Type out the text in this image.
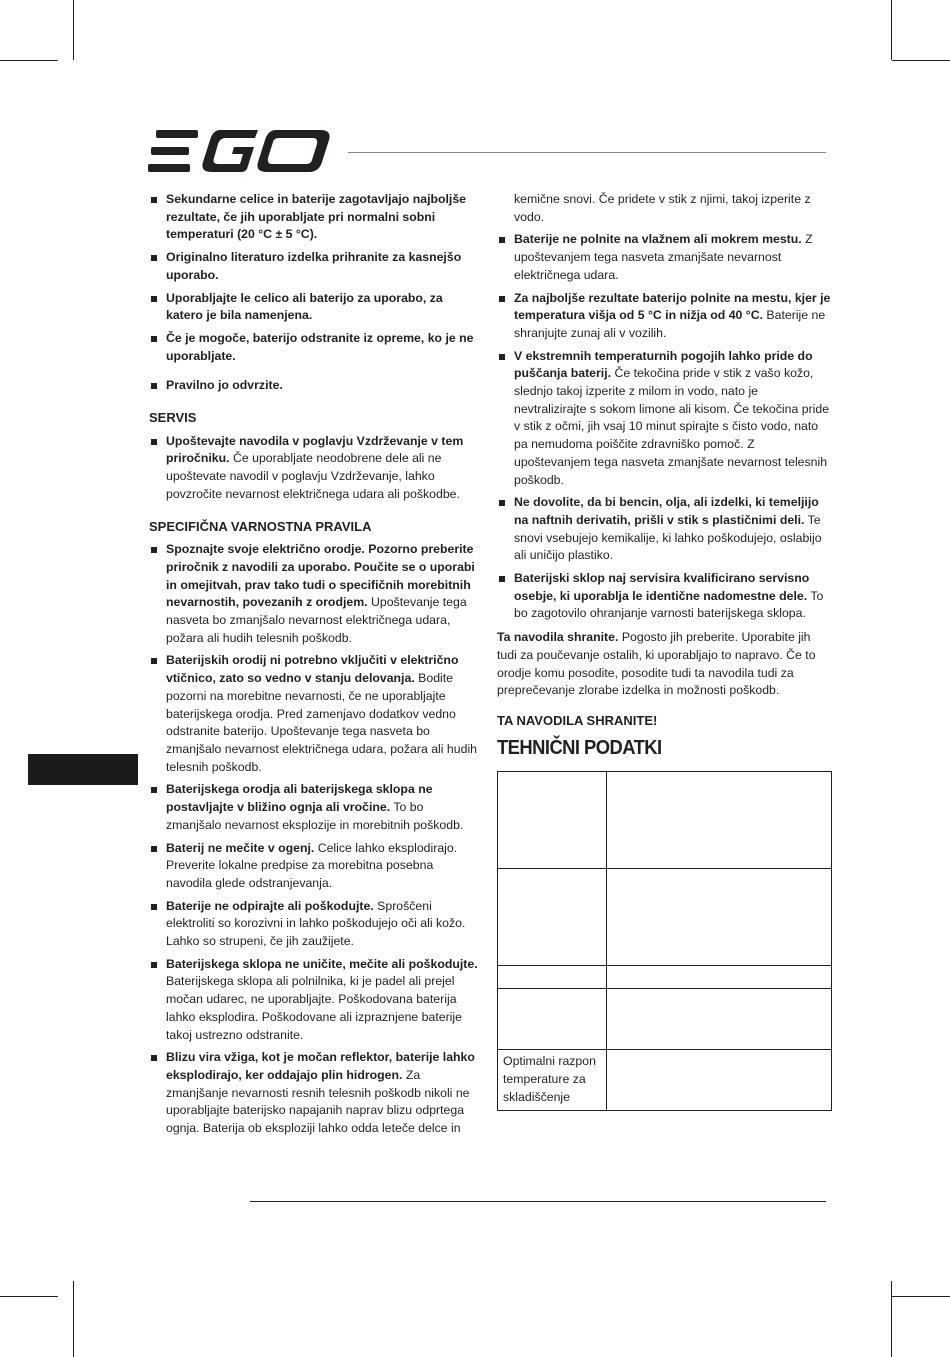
Sekundarne celice in baterije zagotavljajo najboljše rezultate, če jih uporabljate pri normalni sobni temperaturi (20 °C ± 5 °C).
Originalno literaturo izdelka prihranite za kasnejšo uporabo.
Uporabljajte le celico ali baterijo za uporabo, za katero je bila namenjena.
Če je mogoče, baterijo odstranite iz opreme, ko je ne uporabljate.
Pravilno jo odvrzite.
SERVIS
Upoštevajte navodila v poglavju Vzdrževanje v tem priročniku. Če uporabljate neodobrene dele ali ne upoštevate navodil v poglavju Vzdrževanje, lahko povzročite nevarnost električnega udara ali poškodbe.
SPECIFIČNA VARNOSTNA PRAVILA
Spoznajte svoje električno orodje. Pozorno preberite priročnik z navodili za uporabo. Poučite se o uporabi in omejitvah, prav tako tudi o specifičnih morebitnih nevarnostih, povezanih z orodjem. Upoštevanje tega nasveta bo zmanjšalo nevarnost električnega udara, požara ali hudih telesnih poškodb.
Baterijskih orodij ni potrebno vključiti v električno vtičnico, zato so vedno v stanju delovanja. Bodite pozorni na morebitne nevarnosti, če ne uporabljajte baterijskega orodja. Pred zamenjavo dodatkov vedno odstranite baterijo. Upoštevanje tega nasveta bo zmanjšalo nevarnost električnega udara, požara ali hudih telesnih poškodb.
Baterijskega orodja ali baterijskega sklopa ne postavljajte v bližino ognja ali vročine. To bo zmanjšalo nevarnost eksplozije in morebitnih poškodb.
Baterij ne mečite v ogenj. Celice lahko eksplodirajo. Preverite lokalne predpise za morebitna posebna navodila glede odstranjevanja.
Baterije ne odpirajte ali poškodujte. Sproščeni elektroliti so korozivni in lahko poškodujejo oči ali kožo. Lahko so strupeni, če jih zaužijete.
Baterijskega sklopa ne uničite, mečite ali poškodujte. Baterijskega sklopa ali polnilnika, ki je padel ali prejel močan udarec, ne uporabljajte. Poškodovana baterija lahko eksplodira. Poškodovane ali izpraznjene baterije takoj ustrezno odstranite.
Blizu vira vžiga, kot je močan reflektor, baterije lahko eksplodirajo, ker oddajajo plin hidrogen. Za zmanjšanje nevarnosti resnih telesnih poškodb nikoli ne uporabljajte baterijsko napajanih naprav blizu odprtega ognja. Baterija ob eksploziji lahko odda leteče delce in
kemične snovi. Če pridete v stik z njimi, takoj izperite z vodo.
Baterije ne polnite na vlažnem ali mokrem mestu. Z upoštevanjem tega nasveta zmanjšate nevarnost električnega udara.
Za najboljše rezultate baterijo polnite na mestu, kjer je temperatura višja od 5 °C in nižja od 40 °C. Baterije ne shranjujte zunaj ali v vozilih.
V ekstremnih temperaturnih pogojih lahko pride do puščanja baterij. Če tekočina pride v stik z vašo kožo, slednjo takoj izperite z milom in vodo, nato je nevtralizirajte s sokom limone ali kisom. Če tekočina pride v stik z očmi, jih vsaj 10 minut spirajte s čisto vodo, nato pa nemudoma poiščite zdravniško pomoč. Z upoštevanjem tega nasveta zmanjšate nevarnost telesnih poškodb.
Ne dovolite, da bi bencin, olja, ali izdelki, ki temeljijo na naftnih derivatih, prišli v stik s plastičnimi deli. Te snovi vsebujejo kemikalije, ki lahko poškodujejo, oslabijo ali uničijo plastiko.
Baterijski sklop naj servisira kvalificirano servisno osebje, ki uporablja le identične nadomestne dele. To bo zagotovilo ohranjanje varnosti baterijskega sklopa.

Ta navodila shranite. Pogosto jih preberite. Uporabite jih tudi za poučevanje ostalih, ki uporabljajo to napravo. Če to orodje komu posodite, posodite tudi ta navodila tudi za preprečevanje zlorabe izdelka in možnosti poškodb.

TA NAVODILA SHRANITE!
TEHNIČNI PODATKI

Optimalni razpon temperature za skladiščenje	
